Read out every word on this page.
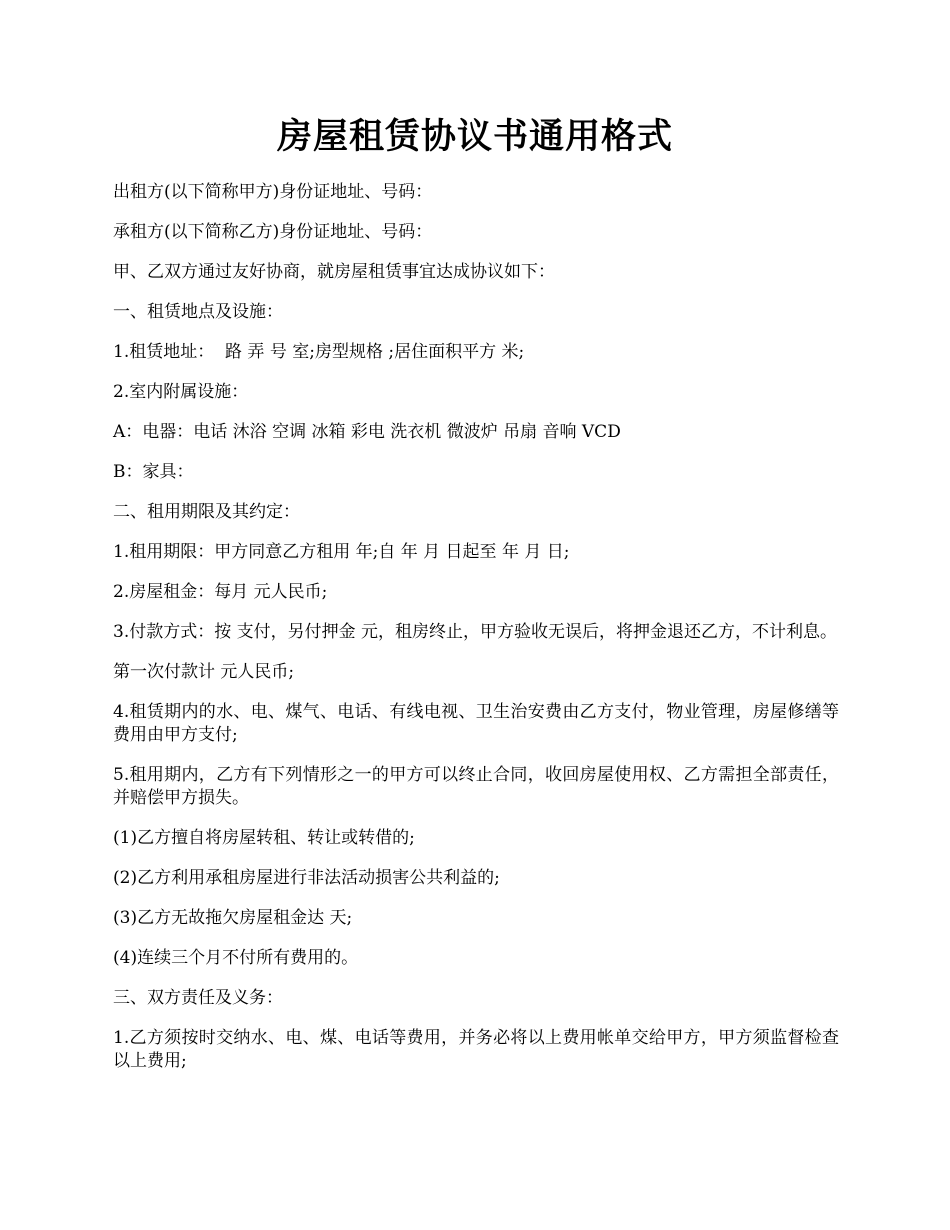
房屋租赁协议书通用格式

出租方(以下简称甲方)身份证地址、号码：

承租方(以下简称乙方)身份证地址、号码：

甲、乙双方通过友好协商，就房屋租赁事宜达成协议如下：

一、租赁地点及设施：

1.租赁地址：  路 弄 号 室;房型规格 ;居住面积平方 米;

2.室内附属设施：

A：电器：电话 沐浴 空调 冰箱 彩电 洗衣机 微波炉 吊扇 音响 VCD

B：家具：

二、租用期限及其约定：

1.租用期限：甲方同意乙方租用 年;自 年 月 日起至 年 月 日;

2.房屋租金：每月 元人民币;

3.付款方式：按 支付，另付押金 元，租房终止，甲方验收无误后，将押金退还乙方，不计利息。

第一次付款计 元人民币;

4.租赁期内的水、电、煤气、电话、有线电视、卫生治安费由乙方支付，物业管理，房屋修缮等费用由甲方支付;

5.租用期内，乙方有下列情形之一的甲方可以终止合同，收回房屋使用权、乙方需担全部责任，并赔偿甲方损失。

(1)乙方擅自将房屋转租、转让或转借的;

(2)乙方利用承租房屋进行非法活动损害公共利益的;

(3)乙方无故拖欠房屋租金达 天;

(4)连续三个月不付所有费用的。

三、双方责任及义务：

1.乙方须按时交纳水、电、煤、电话等费用，并务必将以上费用帐单交给甲方，甲方须监督检查以上费用;
